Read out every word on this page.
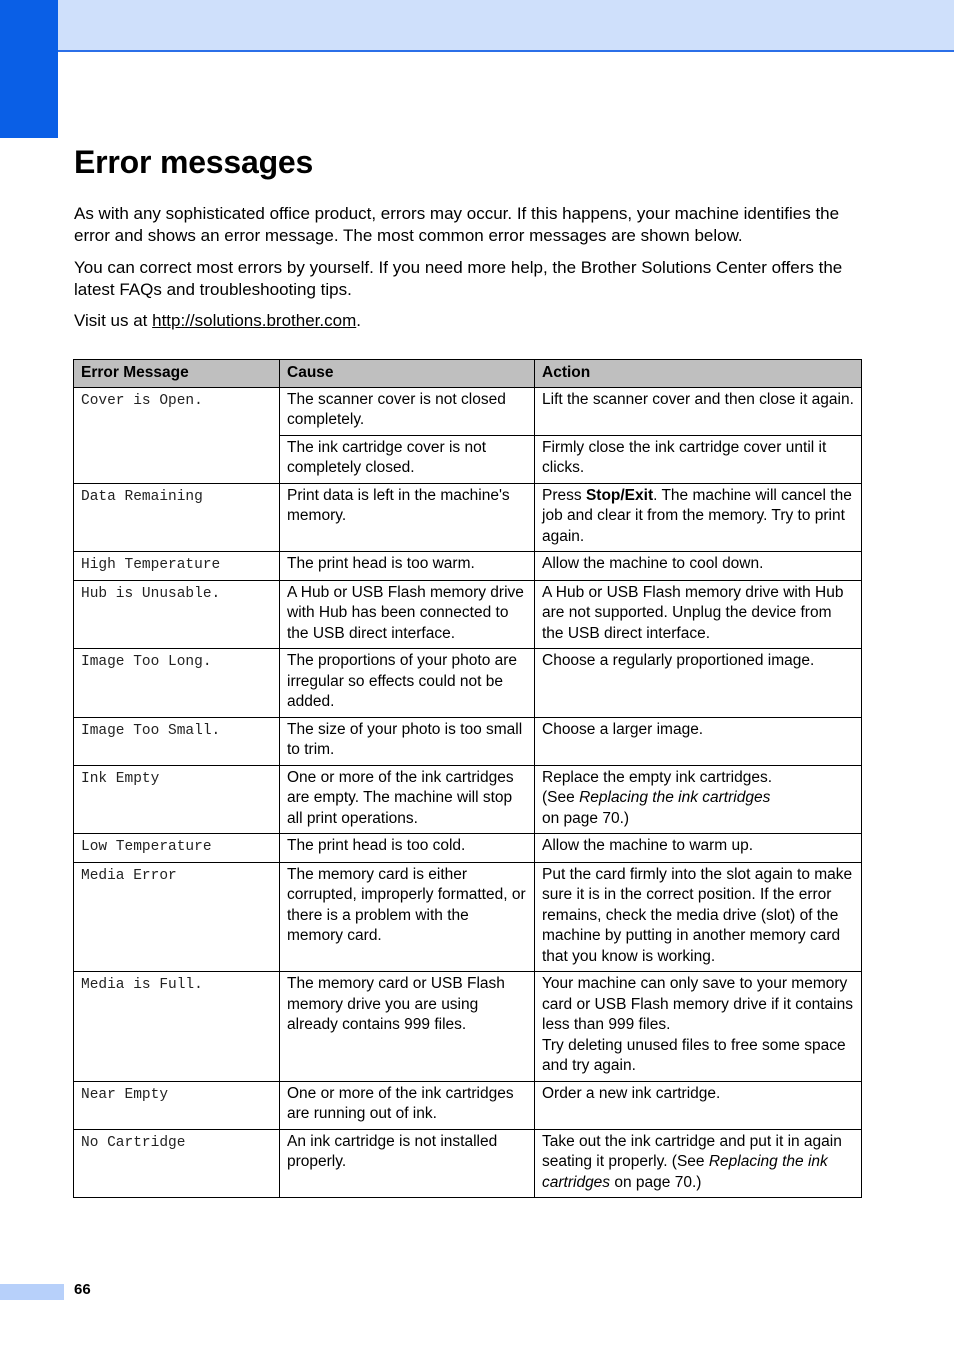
Error messages

As with any sophisticated office product, errors may occur. If this happens, your machine identifies the error and shows an error message. The most common error messages are shown below.

You can correct most errors by yourself. If you need more help, the Brother Solutions Center offers the latest FAQs and troubleshooting tips.

Visit us at http://solutions.brother.com.

Error Message	Cause	Action
Cover is Open.	The scanner cover is not closed completely.	Lift the scanner cover and then close it again.
	The ink cartridge cover is not completely closed.	Firmly close the ink cartridge cover until it clicks.
Data Remaining	Print data is left in the machine's memory.	Press Stop/Exit. The machine will cancel the job and clear it from the memory. Try to print again.
High Temperature	The print head is too warm.	Allow the machine to cool down.
Hub is Unusable.	A Hub or USB Flash memory drive with Hub has been connected to the USB direct interface.	A Hub or USB Flash memory drive with Hub are not supported. Unplug the device from the USB direct interface.
Image Too Long.	The proportions of your photo are irregular so effects could not be added.	Choose a regularly proportioned image.
Image Too Small.	The size of your photo is too small to trim.	Choose a larger image.
Ink Empty	One or more of the ink cartridges are empty. The machine will stop all print operations.	Replace the empty ink cartridges.
(See Replacing the ink cartridges
on page 70.)

Low Temperature	The print head is too cold.	Allow the machine to warm up.
Media Error	The memory card is either corrupted, improperly formatted, or there is a problem with the memory card.	Put the card firmly into the slot again to make sure it is in the correct position. If the error remains, check the media drive (slot) of the machine by putting in another memory card that you know is working.
Media is Full.	The memory card or USB Flash memory drive you are using already contains 999 files.	Your machine can only save to your memory card or USB Flash memory drive if it contains less than 999 files.
Try deleting unused files to free some space and try again.

Near Empty	One or more of the ink cartridges are running out of ink.	Order a new ink cartridge.
No Cartridge	An ink cartridge is not installed properly.	Take out the ink cartridge and put it in again seating it properly. (See Replacing the ink cartridges on page 70.)
66
